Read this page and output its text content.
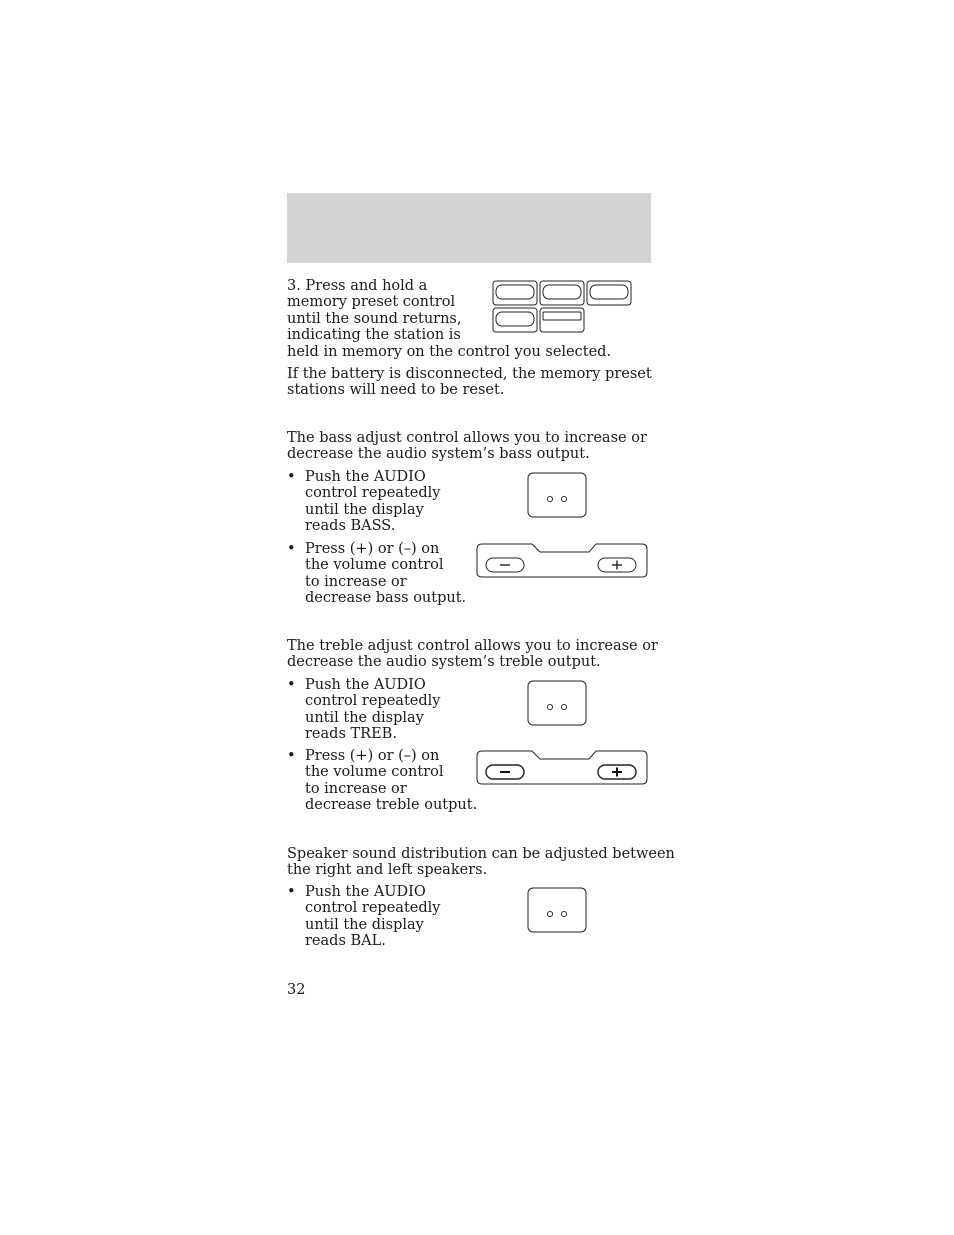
3. Press and hold a
memory preset control
until the sound returns,
indicating the station is
held in memory on the control you selected.
If the battery is disconnected, the memory preset
stations will need to be reset.
The bass adjust control allows you to increase or
decrease the audio system’s bass output.
• Push the AUDIO
control repeatedly
until the display
reads BASS.
• Press (+) or (–) on
the volume control
to increase or
decrease bass output.
The treble adjust control allows you to increase or
decrease the audio system’s treble output.
• Push the AUDIO
control repeatedly
until the display
reads TREB.
• Press (+) or (–) on
the volume control
to increase or
decrease treble output.
Speaker sound distribution can be adjusted between
the right and left speakers.
• Push the AUDIO
control repeatedly
until the display
reads BAL.
32
